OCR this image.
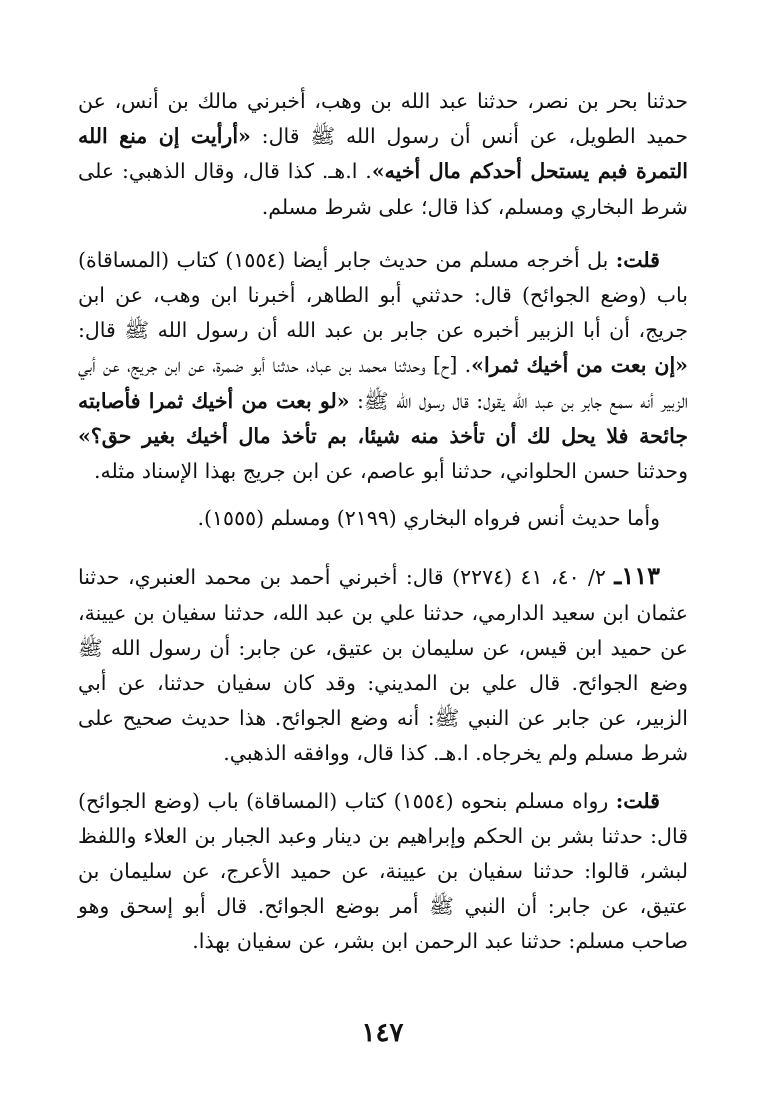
حدثنا بحر بن نصر، حدثنا عبد الله بن وهب، أخبرني مالك بن أنس، عن حميد الطويل، عن أنس أن رسول الله ﷺ قال: «أرأيت إن منع الله التمرة فبم يستحل أحدكم مال أخيه». ا.هـ. كذا قال، وقال الذهبي: على شرط البخاري ومسلم، كذا قال؛ على شرط مسلم.

قلت: بل أخرجه مسلم من حديث جابر أيضا (١٥٥٤) كتاب (المساقاة) باب (وضع الجوائح) قال: حدثني أبو الطاهر، أخبرنا ابن وهب، عن ابن جريج، أن أبا الزبير أخبره عن جابر بن عبد الله أن رسول الله ﷺ قال: «إن بعت من أخيك ثمرا». [ح] وحدثنا محمد بن عباد، حدثنا أبو ضمرة، عن ابن جريج، عن أبي الزبير أنه سمع جابر بن عبد الله يقول: قال رسول الله ﷺ: «لو بعت من أخيك ثمرا فأصابته جائحة فلا يحل لك أن تأخذ منه شيئا، بم تأخذ مال أخيك بغير حق؟» وحدثنا حسن الحلواني، حدثنا أبو عاصم، عن ابن جريج بهذا الإسناد مثله.

وأما حديث أنس فرواه البخاري (٢١٩٩) ومسلم (١٥٥٥).

١١٣ـ ٢/ ٤٠، ٤١ (٢٢٧٤) قال: أخبرني أحمد بن محمد العنبري، حدثنا عثمان ابن سعيد الدارمي، حدثنا علي بن عبد الله، حدثنا سفيان بن عيينة، عن حميد ابن قيس، عن سليمان بن عتيق، عن جابر: أن رسول الله ﷺ وضع الجوائح. قال علي بن المديني: وقد كان سفيان حدثنا، عن أبي الزبير، عن جابر عن النبي ﷺ: أنه وضع الجوائح. هذا حديث صحيح على شرط مسلم ولم يخرجاه. ا.هـ. كذا قال، ووافقه الذهبي.

قلت: رواه مسلم بنحوه (١٥٥٤) كتاب (المساقاة) باب (وضع الجوائح) قال: حدثنا بشر بن الحكم وإبراهيم بن دينار وعبد الجبار بن العلاء واللفظ لبشر، قالوا: حدثنا سفيان بن عيينة، عن حميد الأعرج، عن سليمان بن عتيق، عن جابر: أن النبي ﷺ أمر بوضع الجوائح. قال أبو إسحق وهو صاحب مسلم: حدثنا عبد الرحمن ابن بشر، عن سفيان بهذا.

١٤٧
